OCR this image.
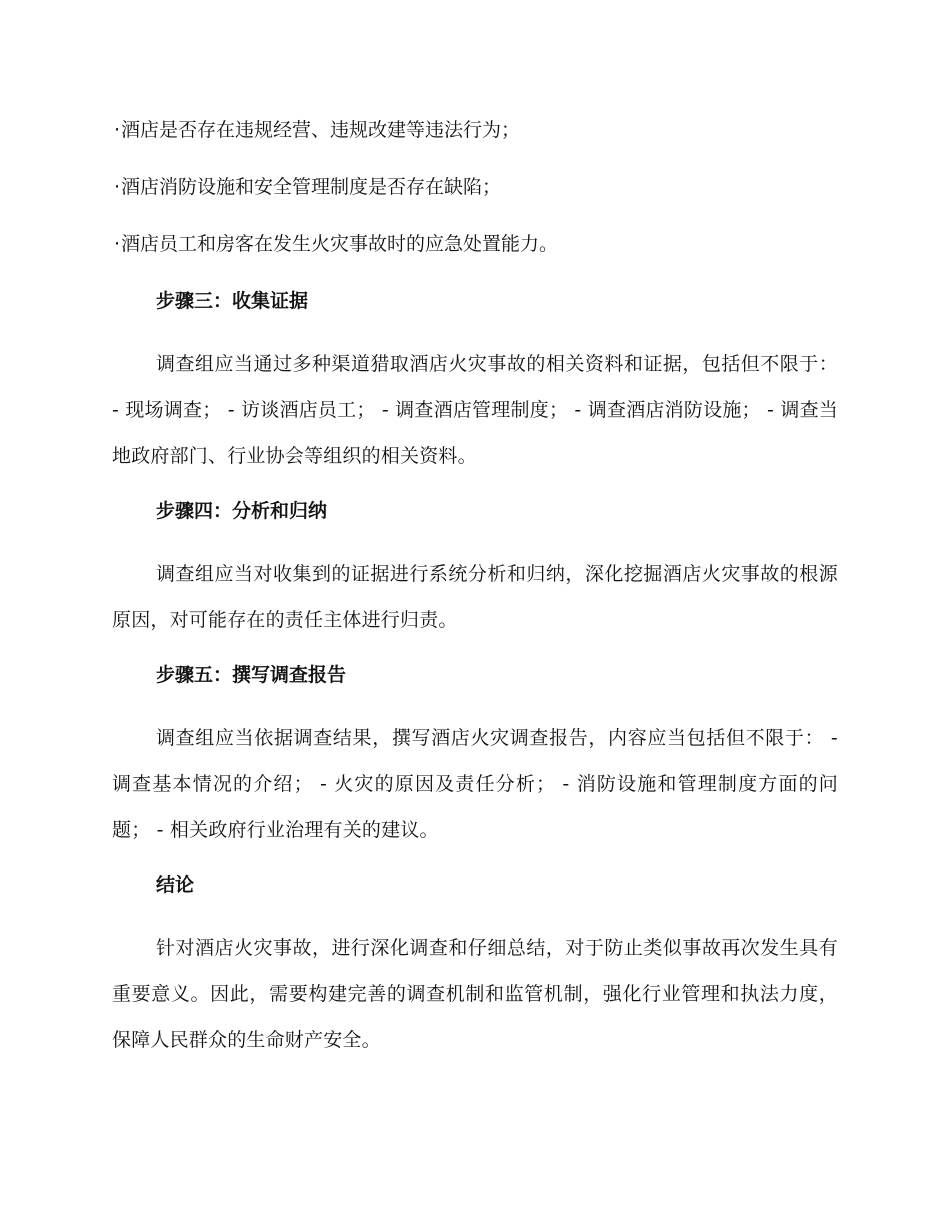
·酒店是否存在违规经营、违规改建等违法行为；
·酒店消防设施和安全管理制度是否存在缺陷；
·酒店员工和房客在发生火灾事故时的应急处置能力。
步骤三：收集证据

调查组应当通过多种渠道猎取酒店火灾事故的相关资料和证据，包括但不限于： - 现场调查； - 访谈酒店员工； - 调查酒店管理制度； - 调查酒店消防设施； - 调查当地政府部门、行业协会等组织的相关资料。

步骤四：分析和归纳

调查组应当对收集到的证据进行系统分析和归纳，深化挖掘酒店火灾事故的根源原因，对可能存在的责任主体进行归责。

步骤五：撰写调查报告

调查组应当依据调查结果，撰写酒店火灾调查报告，内容应当包括但不限于： - 调查基本情况的介绍； - 火灾的原因及责任分析； - 消防设施和管理制度方面的问题； - 相关政府行业治理有关的建议。

结论

针对酒店火灾事故，进行深化调查和仔细总结，对于防止类似事故再次发生具有重要意义。因此，需要构建完善的调查机制和监管机制，强化行业管理和执法力度，保障人民群众的生命财产安全。
